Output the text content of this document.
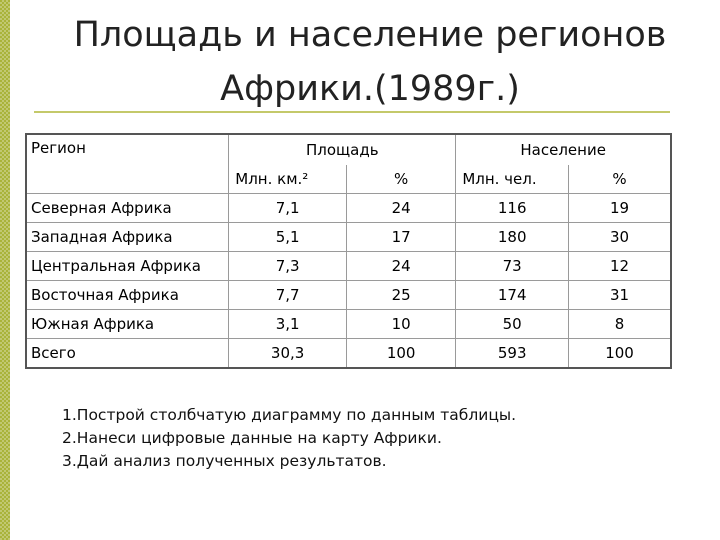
Площадь и население регионов
Африки.(1989г.)
Регион	Площадь		Население	
	Млн. км.²	%	Млн. чел.	%
Северная Африка	7,1	24	116	19
Западная Африка	5,1	17	180	30
Центральная Африка	7,3	24	73	12
Восточная Африка	7,7	25	174	31
Южная Африка	3,1	10	50	8
Всего	30,3	100	593	100
1.Построй столбчатую диаграмму по данным таблицы.
2.Нанеси цифровые данные на карту Африки.
3.Дай анализ полученных результатов.
